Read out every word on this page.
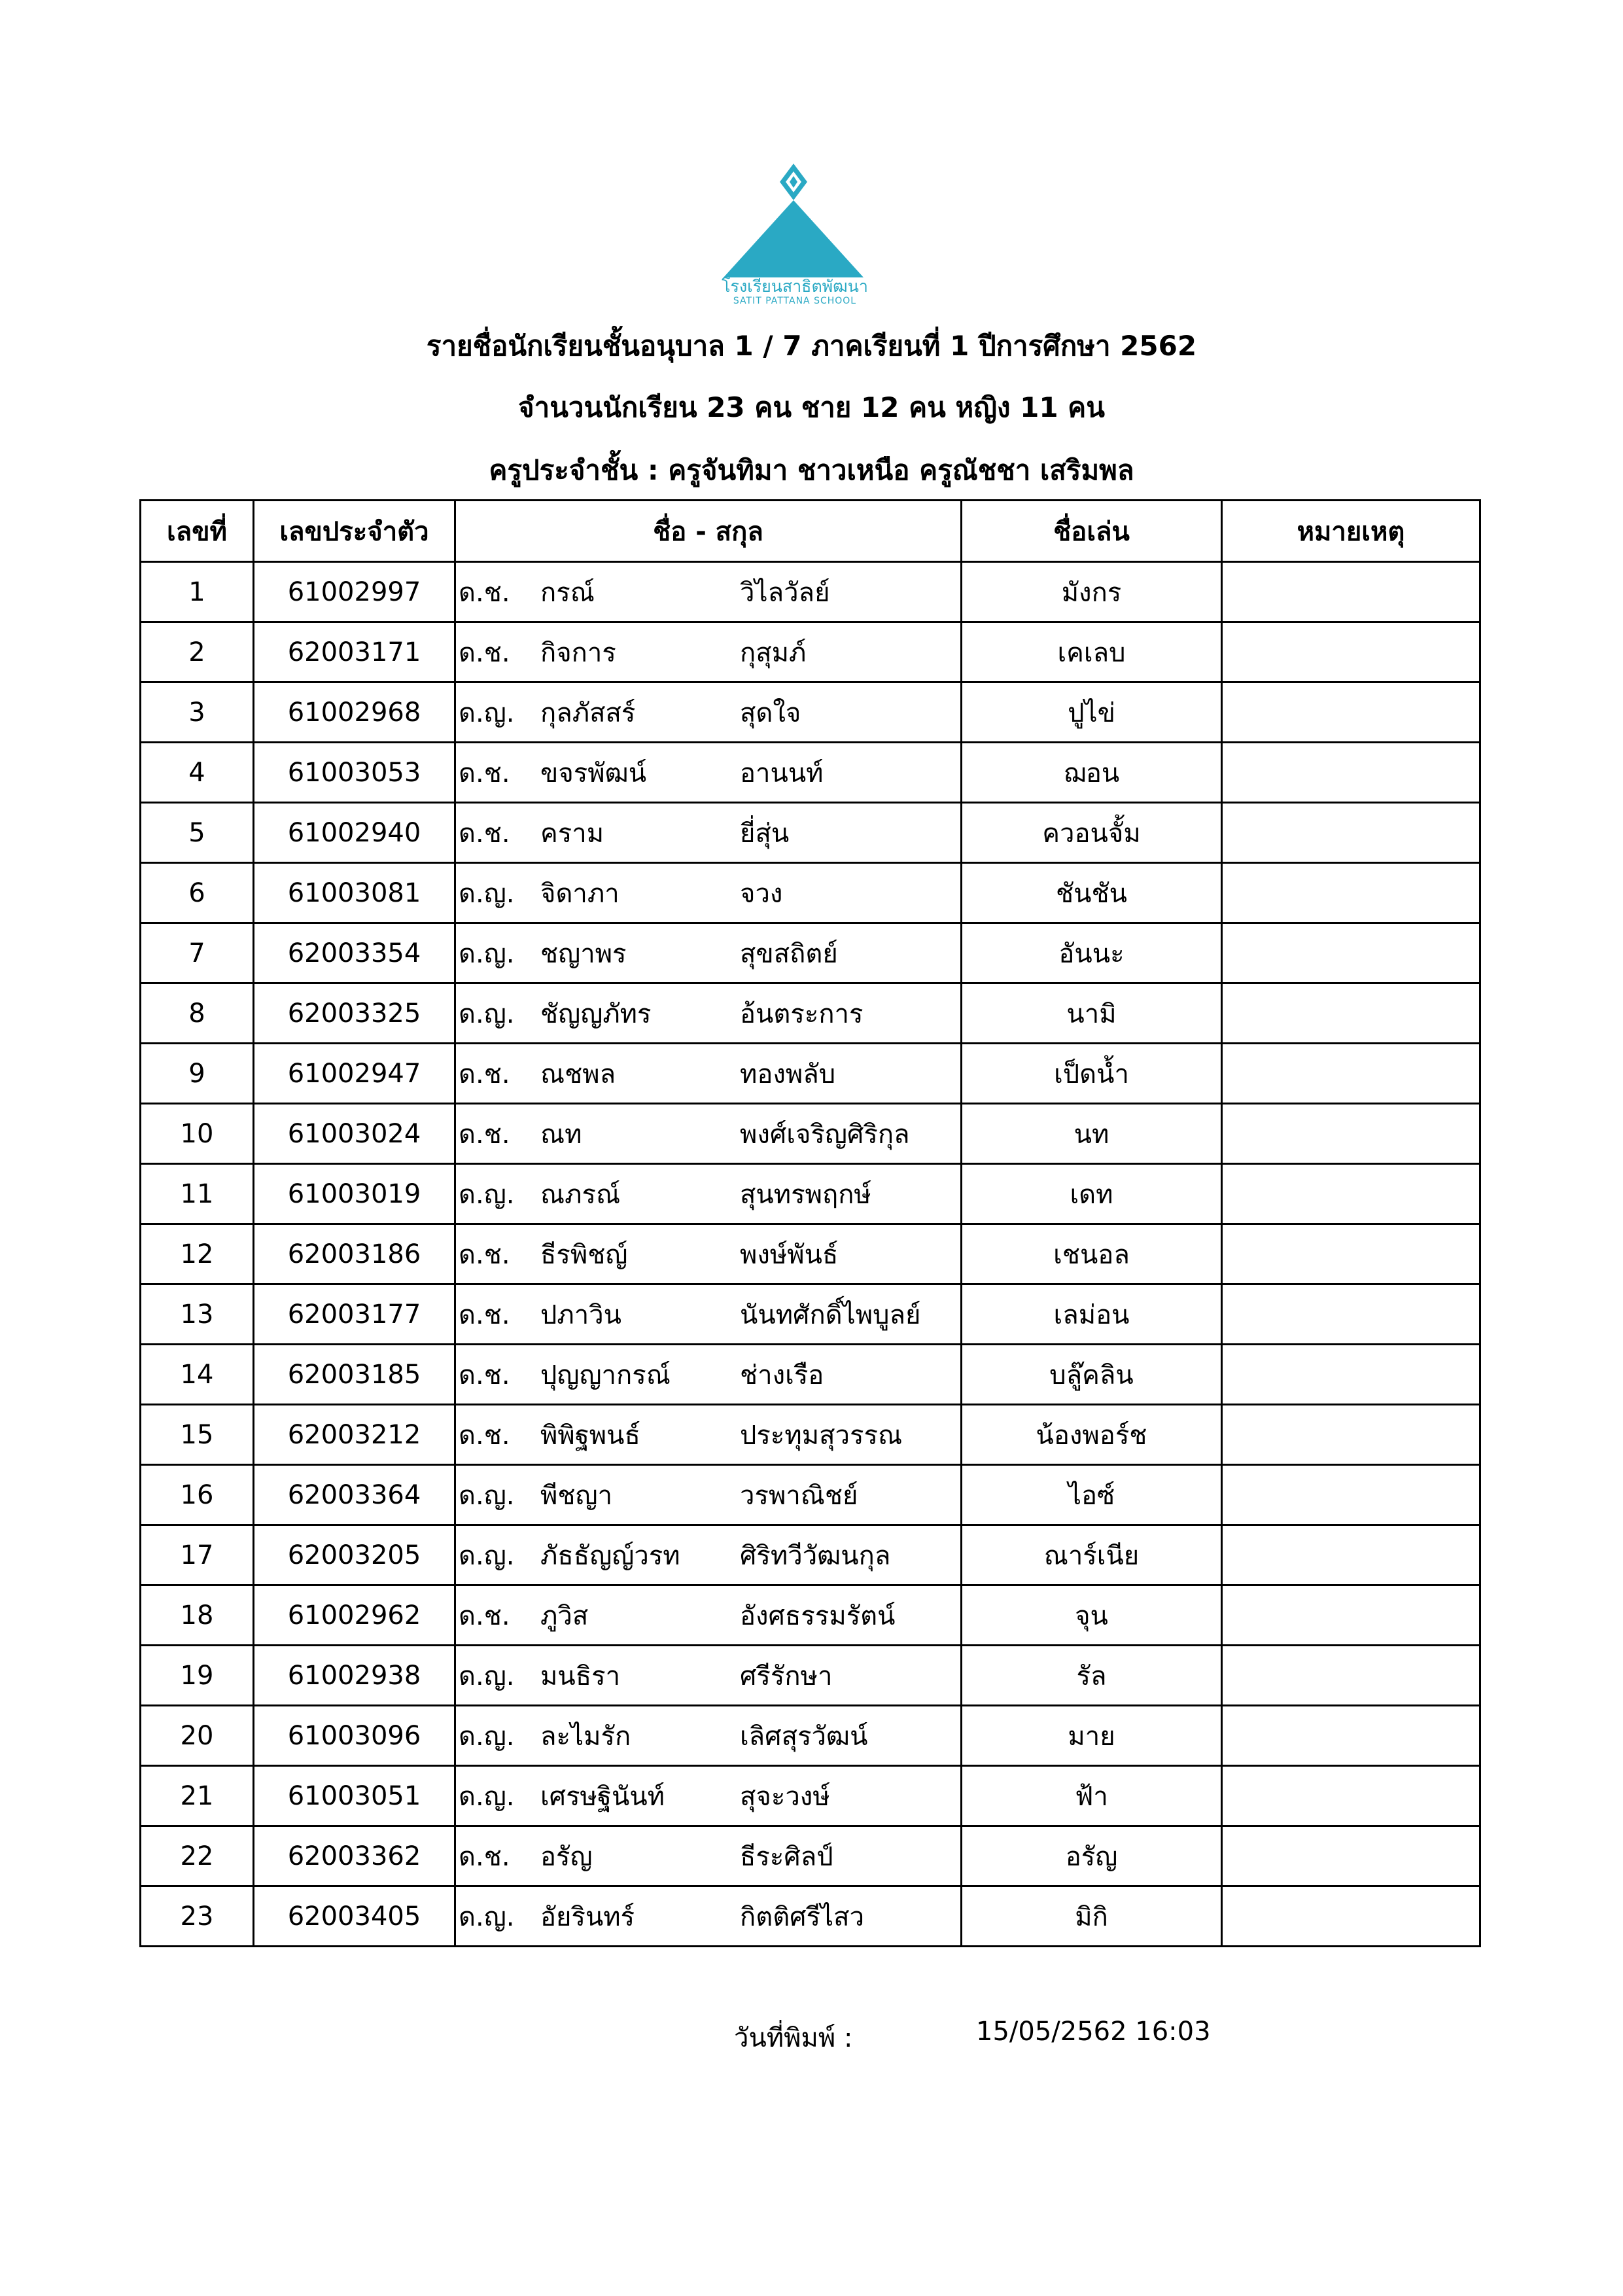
โรงเรียนสาธิตพัฒนา
SATIT PATTANA SCHOOL
รายชื่อนักเรียนชั้นอนุบาล 1 / 7 ภาคเรียนที่ 1 ปีการศึกษา 2562
จำนวนนักเรียน 23 คน ชาย 12 คน หญิง 11 คน
ครูประจำชั้น : ครูจันทิมา ชาวเหนือ ครูณัชชา เสริมพล
เลขที่	เลขประจำตัว	ชื่อ - สกุล	ชื่อเล่น	หมายเหตุ
1	61002997	ด.ช. กรณ์ วิไลวัลย์	มังกร	
2	62003171	ด.ช. กิจการ กุสุมภ์	เคเลบ	
3	61002968	ด.ญ. กุลภัสสร์ สุดใจ	ปูไข่	
4	61003053	ด.ช. ขจรพัฒน์ อานนท์	ฌอน	
5	61002940	ด.ช. คราม ยี่สุ่น	ควอนจั้ม	
6	61003081	ด.ญ. จิดาภา จวง	ชันชัน	
7	62003354	ด.ญ. ชญาพร สุขสถิตย์	อันนะ	
8	62003325	ด.ญ. ชัญญภัทร อ้นตระการ	นามิ	
9	61002947	ด.ช. ณชพล ทองพลับ	เป็ดน้ำ	
10	61003024	ด.ช. ณท พงศ์เจริญศิริกุล	นท	
11	61003019	ด.ญ. ณภรณ์ สุนทรพฤกษ์	เดท	
12	62003186	ด.ช. ธีรพิชญ์ พงษ์พันธ์	เชนอล	
13	62003177	ด.ช. ปภาวิน นันทศักดิ์ไพบูลย์	เลม่อน	
14	62003185	ด.ช. ปุญญากรณ์ ช่างเรือ	บลู๊คลิน	
15	62003212	ด.ช. พิพิฐพนธ์ ประทุมสุวรรณ	น้องพอร์ช	
16	62003364	ด.ญ. พีชญา วรพาณิชย์	ไอซ์	
17	62003205	ด.ญ. ภัธธัญญ์วรท ศิริทวีวัฒนกุล	ณาร์เนีย	
18	61002962	ด.ช. ภูวิส อังศธรรมรัตน์	จุน	
19	61002938	ด.ญ. มนธิรา ศรีรักษา	รัล	
20	61003096	ด.ญ. ละไมรัก เลิศสุรวัฒน์	มาย	
21	61003051	ด.ญ. เศรษฐินันท์ สุจะวงษ์	ฟ้า	
22	62003362	ด.ช. อรัญ ธีระศิลป์	อรัญ	
23	62003405	ด.ญ. อัยรินทร์ กิตติศรีไสว	มิกิ	
วันที่พิมพ์ :	15/05/2562 16:03
